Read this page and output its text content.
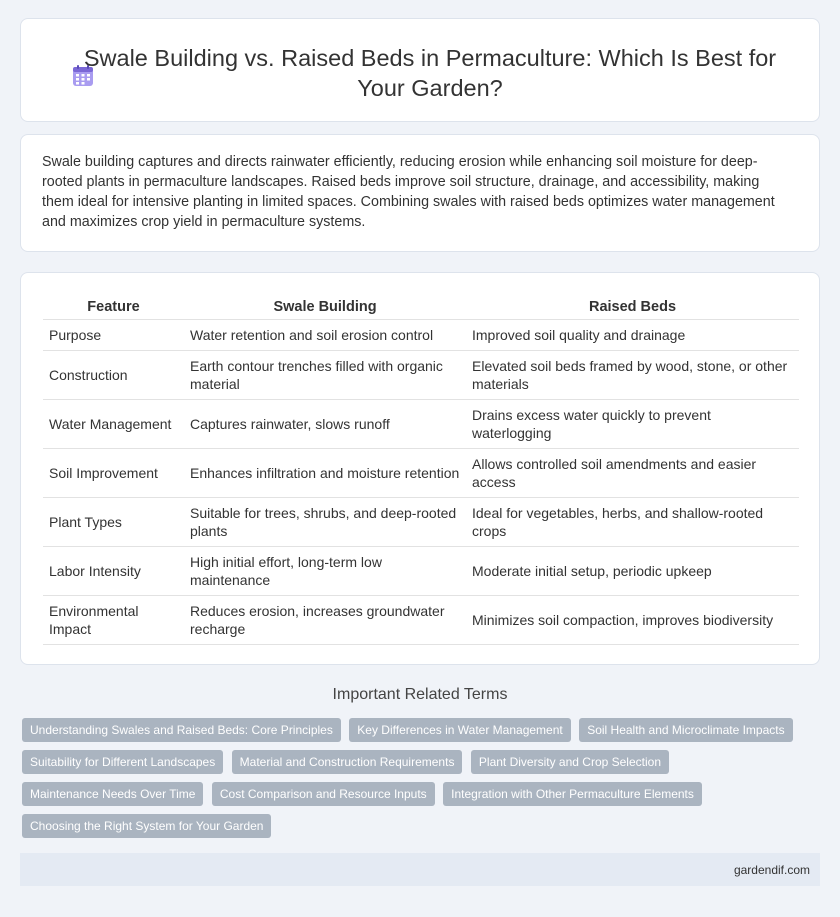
Swale Building vs. Raised Beds in Permaculture: Which Is Best for Your Garden?

Swale building captures and directs rainwater efficiently, reducing erosion while enhancing soil moisture for deep-rooted plants in permaculture landscapes. Raised beds improve soil structure, drainage, and accessibility, making them ideal for intensive planting in limited spaces. Combining swales with raised beds optimizes water management and maximizes crop yield in permaculture systems.

Feature	Swale Building	Raised Beds
Purpose	Water retention and soil erosion control	Improved soil quality and drainage
Construction	Earth contour trenches filled with organic material	Elevated soil beds framed by wood, stone, or other materials
Water Management	Captures rainwater, slows runoff	Drains excess water quickly to prevent waterlogging
Soil Improvement	Enhances infiltration and moisture retention	Allows controlled soil amendments and easier access
Plant Types	Suitable for trees, shrubs, and deep-rooted plants	Ideal for vegetables, herbs, and shallow-rooted crops
Labor Intensity	High initial effort, long-term low maintenance	Moderate initial setup, periodic upkeep
Environmental Impact	Reduces erosion, increases groundwater recharge	Minimizes soil compaction, improves biodiversity
Important Related Terms
Understanding Swales and Raised Beds: Core Principles Key Differences in Water Management Soil Health and Microclimate Impacts Suitability for Different Landscapes Material and Construction Requirements Plant Diversity and Crop Selection Maintenance Needs Over Time Cost Comparison and Resource Inputs Integration with Other Permaculture Elements Choosing the Right System for Your Garden
gardendif.com
